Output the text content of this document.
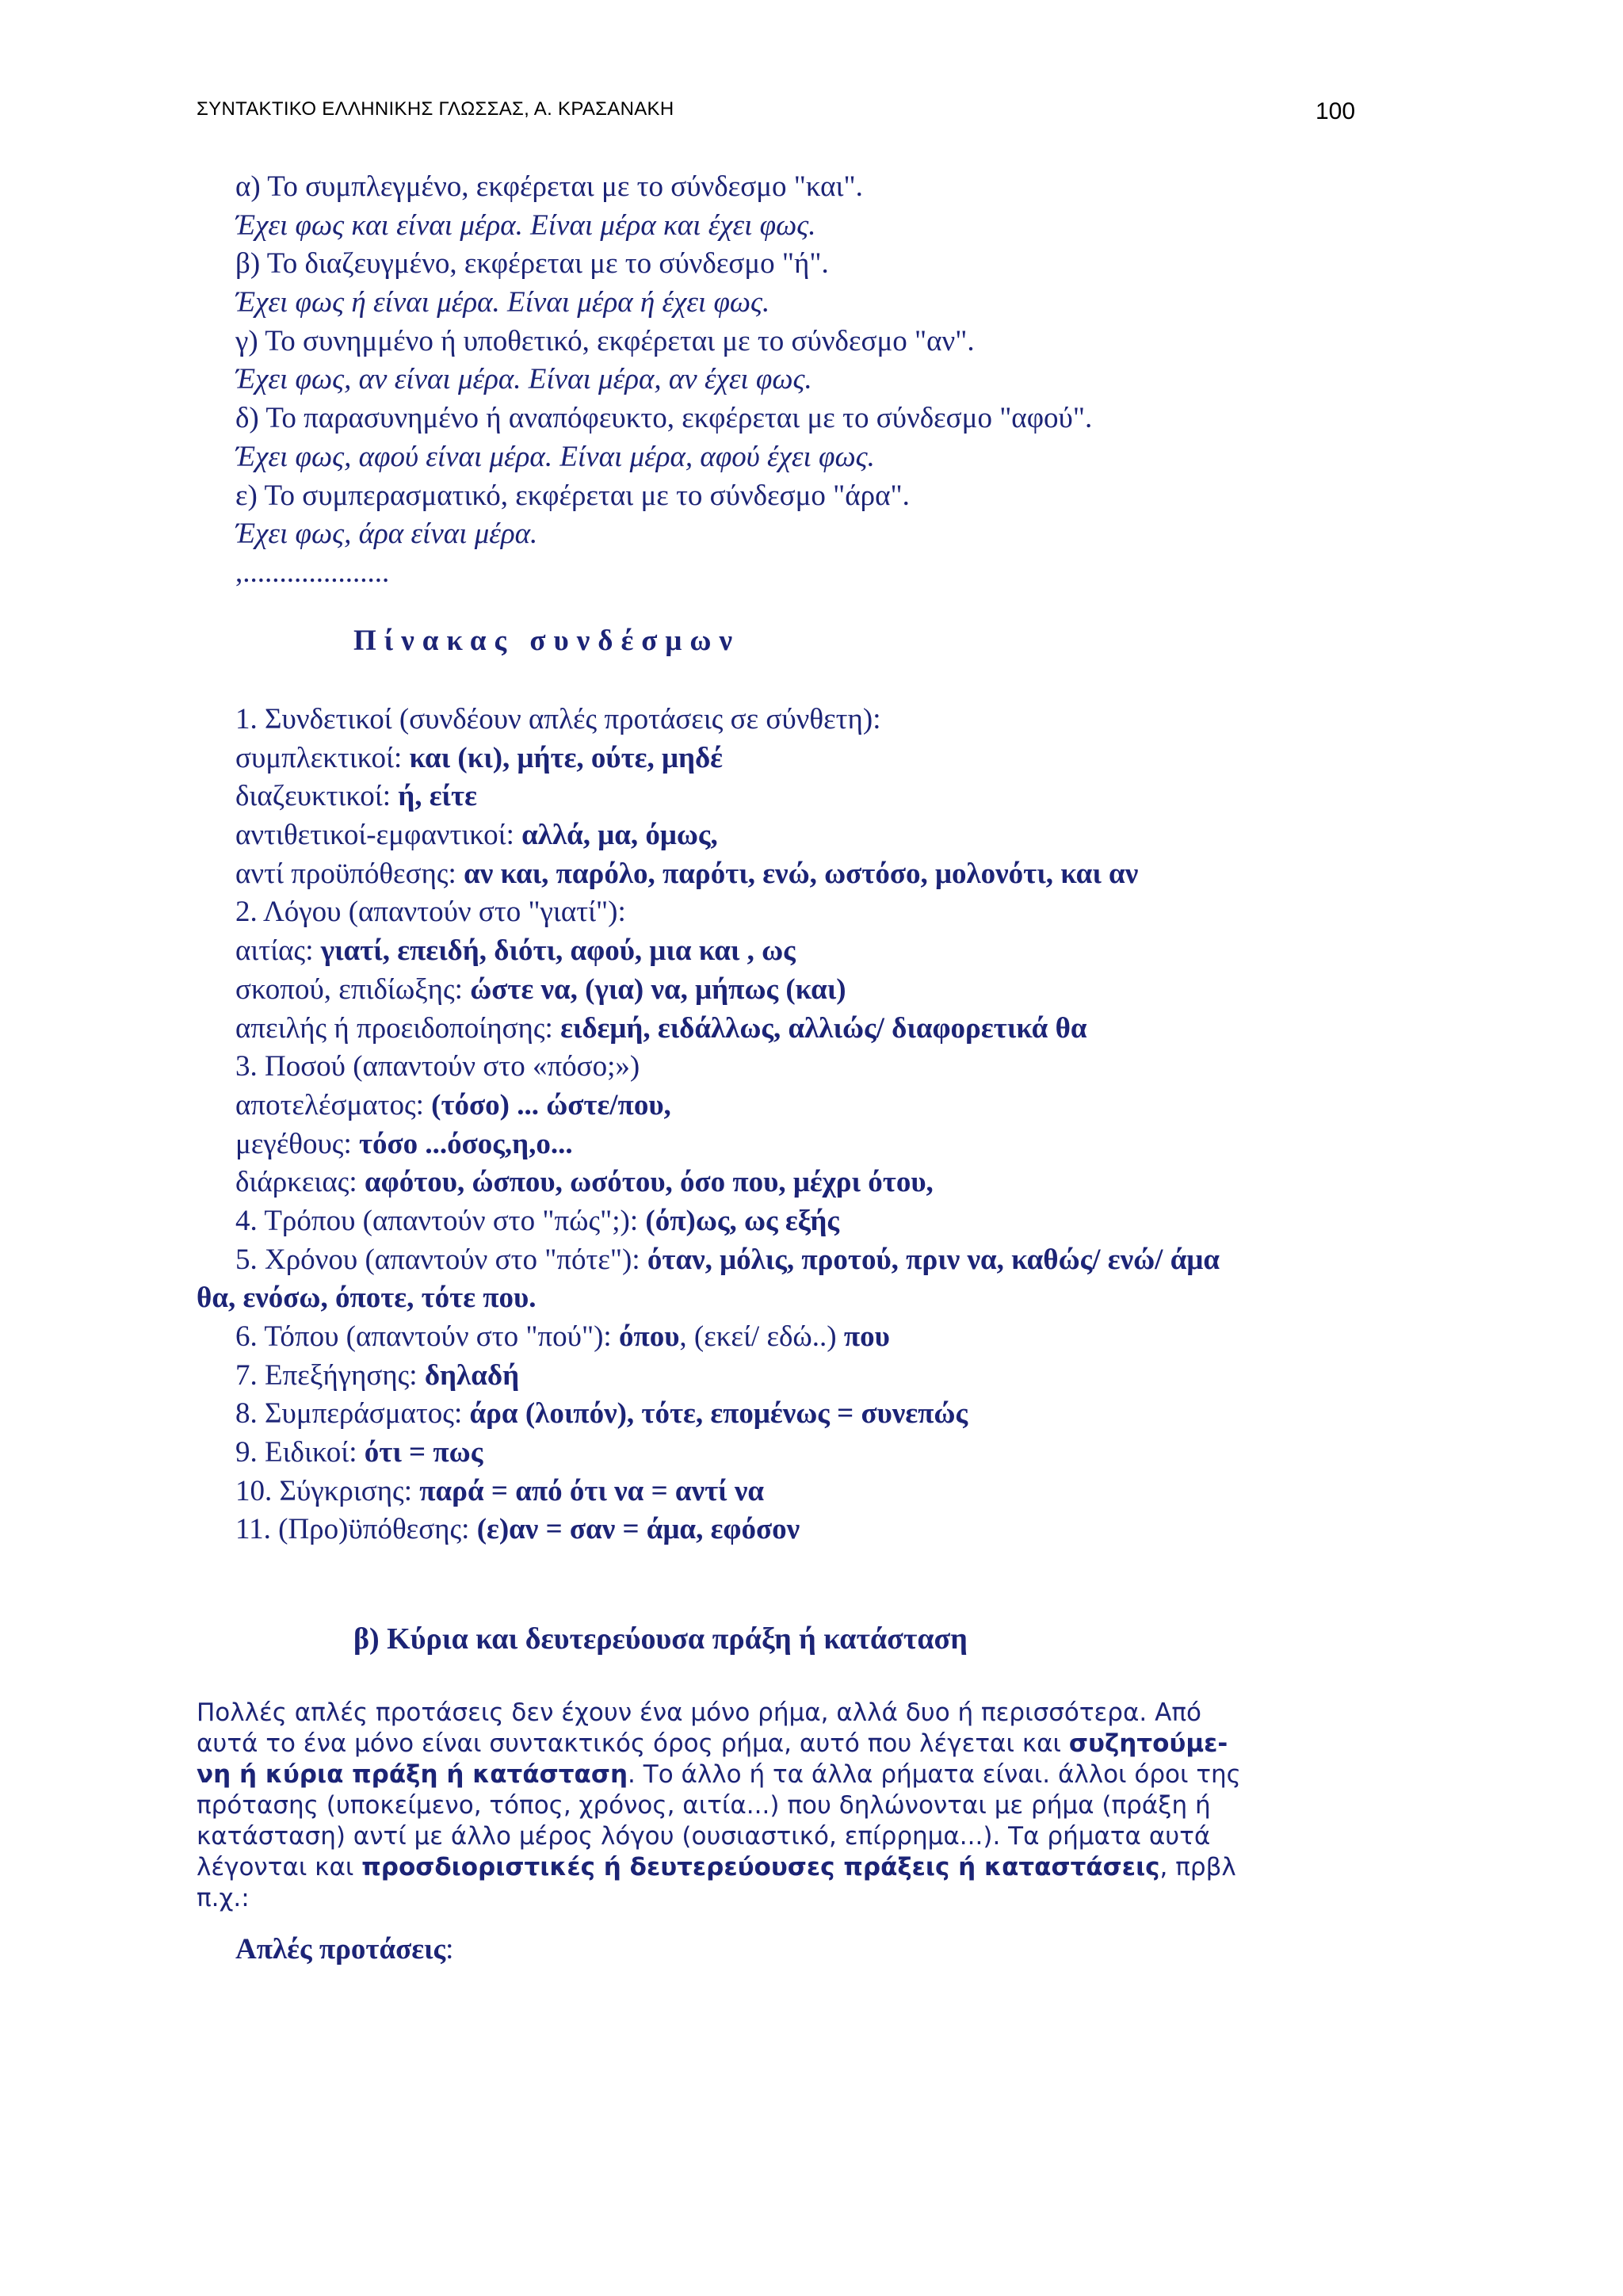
ΣΥΝΤΑΚΤΙΚΟ ΕΛΛΗΝΙΚΗΣ ΓΛΩΣΣΑΣ, Α. ΚΡΑΣΑΝΑΚΗ	100
α) Το συμπλεγμένο, εκφέρεται με το σύνδεσμο "και".
Έχει φως και είναι μέρα. Είναι μέρα και έχει φως.
β) Το διαζευγμένο, εκφέρεται με το σύνδεσμο "ή".
Έχει φως ή είναι μέρα. Είναι μέρα ή έχει φως.
γ) Το συνημμένο ή υποθετικό, εκφέρεται με το σύνδεσμο "αν".
Έχει φως, αν είναι μέρα. Είναι μέρα, αν έχει φως.
δ) Το παρασυνημένο ή αναπόφευκτο, εκφέρεται με το σύνδεσμο "αφού".
Έχει φως, αφού είναι μέρα. Είναι μέρα, αφού έχει φως.
ε) Το συμπερασματικό, εκφέρεται με το σύνδεσμο "άρα".
Έχει φως, άρα είναι μέρα.
,....................
Πίνακας συνδέσμων
1. Συνδετικοί (συνδέουν απλές προτάσεις σε σύνθετη):
συμπλεκτικοί: και (κι), μήτε, ούτε, μηδέ
διαζευκτικοί: ή, είτε
αντιθετικοί-εμφαντικοί: αλλά, μα, όμως,
αντί προϋπόθεσης: αν και, παρόλο, παρότι, ενώ, ωστόσο, μολονότι, και αν
2. Λόγου (απαντούν στο "γιατί"):
αιτίας: γιατί, επειδή, διότι, αφού, μια και , ως
σκοπού, επιδίωξης: ώστε να, (για) να, μήπως (και)
απειλής ή προειδοποίησης: ειδεμή, ειδάλλως, αλλιώς/ διαφορετικά θα
3. Ποσού (απαντούν στο «πόσο;»)
αποτελέσματος: (τόσο) ... ώστε/που,
μεγέθους: τόσο ...όσος,η,ο...
διάρκειας: αφότου, ώσπου, ωσότου, όσο που, μέχρι ότου,
4. Τρόπου (απαντούν στο "πώς";): (όπ)ως, ως εξής
5. Χρόνου (απαντούν στο "πότε"): όταν, μόλις, προτού, πριν να, καθώς/ ενώ/ άμα
θα, ενόσω, όποτε, τότε που.
6. Τόπου (απαντούν στο "πού"): όπου, (εκεί/ εδώ..) που
7. Επεξήγησης: δηλαδή
8. Συμπεράσματος: άρα (λοιπόν), τότε, επομένως = συνεπώς
9. Ειδικοί: ότι = πως
10. Σύγκρισης: παρά = από ότι να = αντί να
11. (Προ)ϋπόθεσης: (ε)αν = σαν = άμα, εφόσον
β) Κύρια και δευτερεύουσα πράξη ή κατάσταση
Πολλές απλές προτάσεις δεν έχουν ένα μόνο ρήμα, αλλά δυο ή περισσότερα. Από
αυτά το ένα μόνο είναι συντακτικός όρος ρήμα, αυτό που λέγεται και συζητούμε-
νη ή κύρια πράξη ή κατάσταση. Το άλλο ή τα άλλα ρήματα είναι. άλλοι όροι της
πρότασης (υποκείμενο, τόπος, χρόνος, αιτία...) που δηλώνονται με ρήμα (πράξη ή
κατάσταση) αντί με άλλο μέρος λόγου (ουσιαστικό, επίρρημα...). Τα ρήματα αυτά
λέγονται και προσδιοριστικές ή δευτερεύουσες πράξεις ή καταστάσεις, πρβλ
π.χ.:
Απλές προτάσεις:
